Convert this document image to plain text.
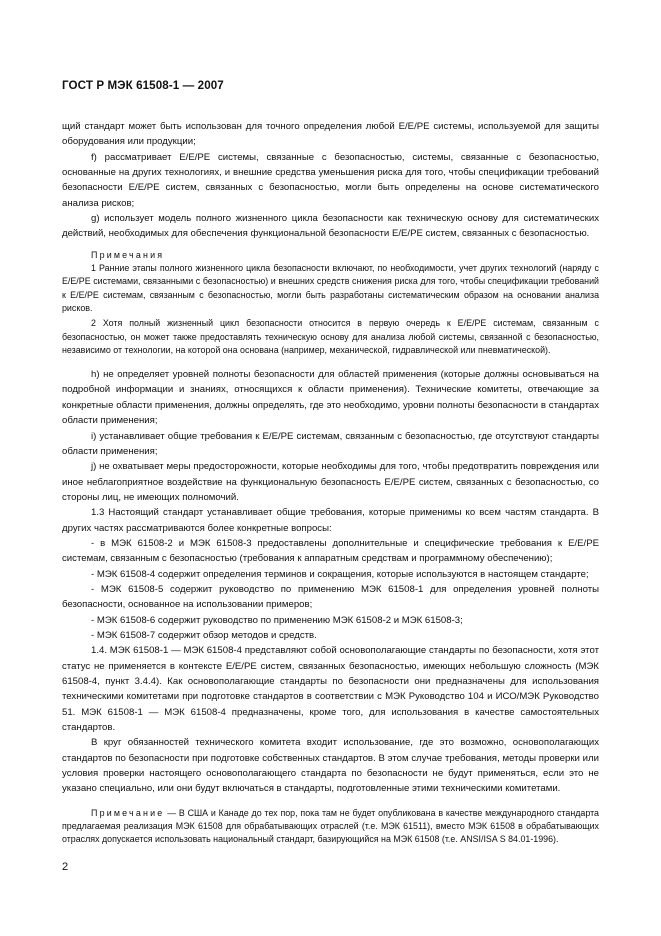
ГОСТ Р МЭК 61508-1 — 2007

щий стандарт может быть использован для точного определения любой Е/Е/РЕ системы, используемой для защиты оборудования или продукции;

f) рассматривает Е/Е/РЕ системы, связанные с безопасностью, системы, связанные с безопасностью, основанные на других технологиях, и внешние средства уменьшения риска для того, чтобы спецификации требований безопасности Е/Е/РЕ систем, связанных с безопасностью, могли быть определены на основе систематического анализа рисков;

g) использует модель полного жизненного цикла безопасности как техническую основу для систематических действий, необходимых для обеспечения функциональной безопасности Е/Е/РЕ систем, связанных с безопасностью.

Примечания

1 Ранние этапы полного жизненного цикла безопасности включают, по необходимости, учет других технологий (наряду с Е/Е/РЕ системами, связанными с безопасностью) и внешних средств снижения риска для того, чтобы спецификации требований к Е/Е/РЕ системам, связанным с безопасностью, могли быть разработаны систематическим образом на основании анализа рисков.

2 Хотя полный жизненный цикл безопасности относится в первую очередь к Е/Е/РЕ системам, связанным с безопасностью, он может также предоставлять техническую основу для анализа любой системы, связанной с безопасностью, независимо от технологии, на которой она основана (например, механической, гидравлической или пневматической).

h) не определяет уровней полноты безопасности для областей применения (которые должны основываться на подробной информации и знаниях, относящихся к области применения). Технические комитеты, отвечающие за конкретные области применения, должны определять, где это необходимо, уровни полноты безопасности в стандартах области применения;

i) устанавливает общие требования к Е/Е/РЕ системам, связанным с безопасностью, где отсутствуют стандарты области применения;

j) не охватывает меры предосторожности, которые необходимы для того, чтобы предотвратить повреждения или иное неблагоприятное воздействие на функциональную безопасность Е/Е/РЕ систем, связанных с безопасностью, со стороны лиц, не имеющих полномочий.

1.3 Настоящий стандарт устанавливает общие требования, которые применимы ко всем частям стандарта. В других частях рассматриваются более конкретные вопросы:

- в МЭК 61508-2 и МЭК 61508-3 предоставлены дополнительные и специфические требования к Е/Е/РЕ системам, связанным с безопасностью (требования к аппаратным средствам и программному обеспечению);

- МЭК 61508-4 содержит определения терминов и сокращения, которые используются в настоящем стандарте;

- МЭК 61508-5 содержит руководство по применению МЭК 61508-1 для определения уровней полноты безопасности, основанное на использовании примеров;

- МЭК 61508-6 содержит руководство по применению МЭК 61508-2 и МЭК 61508-3;

- МЭК 61508-7 содержит обзор методов и средств.

1.4. МЭК 61508-1 — МЭК 61508-4 представляют собой основополагающие стандарты по безопасности, хотя этот статус не применяется в контексте Е/Е/РЕ систем, связанных безопасностью, имеющих небольшую сложность (МЭК 61508-4, пункт 3.4.4). Как основополагающие стандарты по безопасности они предназначены для использования техническими комитетами при подготовке стандартов в соответствии с МЭК Руководство 104 и ИСО/МЭК Руководство 51. МЭК 61508-1 — МЭК 61508-4 предназначены, кроме того, для использования в качестве самостоятельных стандартов.

В круг обязанностей технического комитета входит использование, где это возможно, основополагающих стандартов по безопасности при подготовке собственных стандартов. В этом случае требования, методы проверки или условия проверки настоящего основополагающего стандарта по безопасности не будут применяться, если это не указано специально, или они будут включаться в стандарты, подготовленные этими техническими комитетами.

Примечание — В США и Канаде до тех пор, пока там не будет опубликована в качестве международного стандарта предлагаемая реализация МЭК 61508 для обрабатывающих отраслей (т.е. МЭК 61511), вместо МЭК 61508 в обрабатывающих отраслях допускается использовать национальный стандарт, базирующийся на МЭК 61508 (т.е. ANSI/ISA S 84.01-1996).

2
